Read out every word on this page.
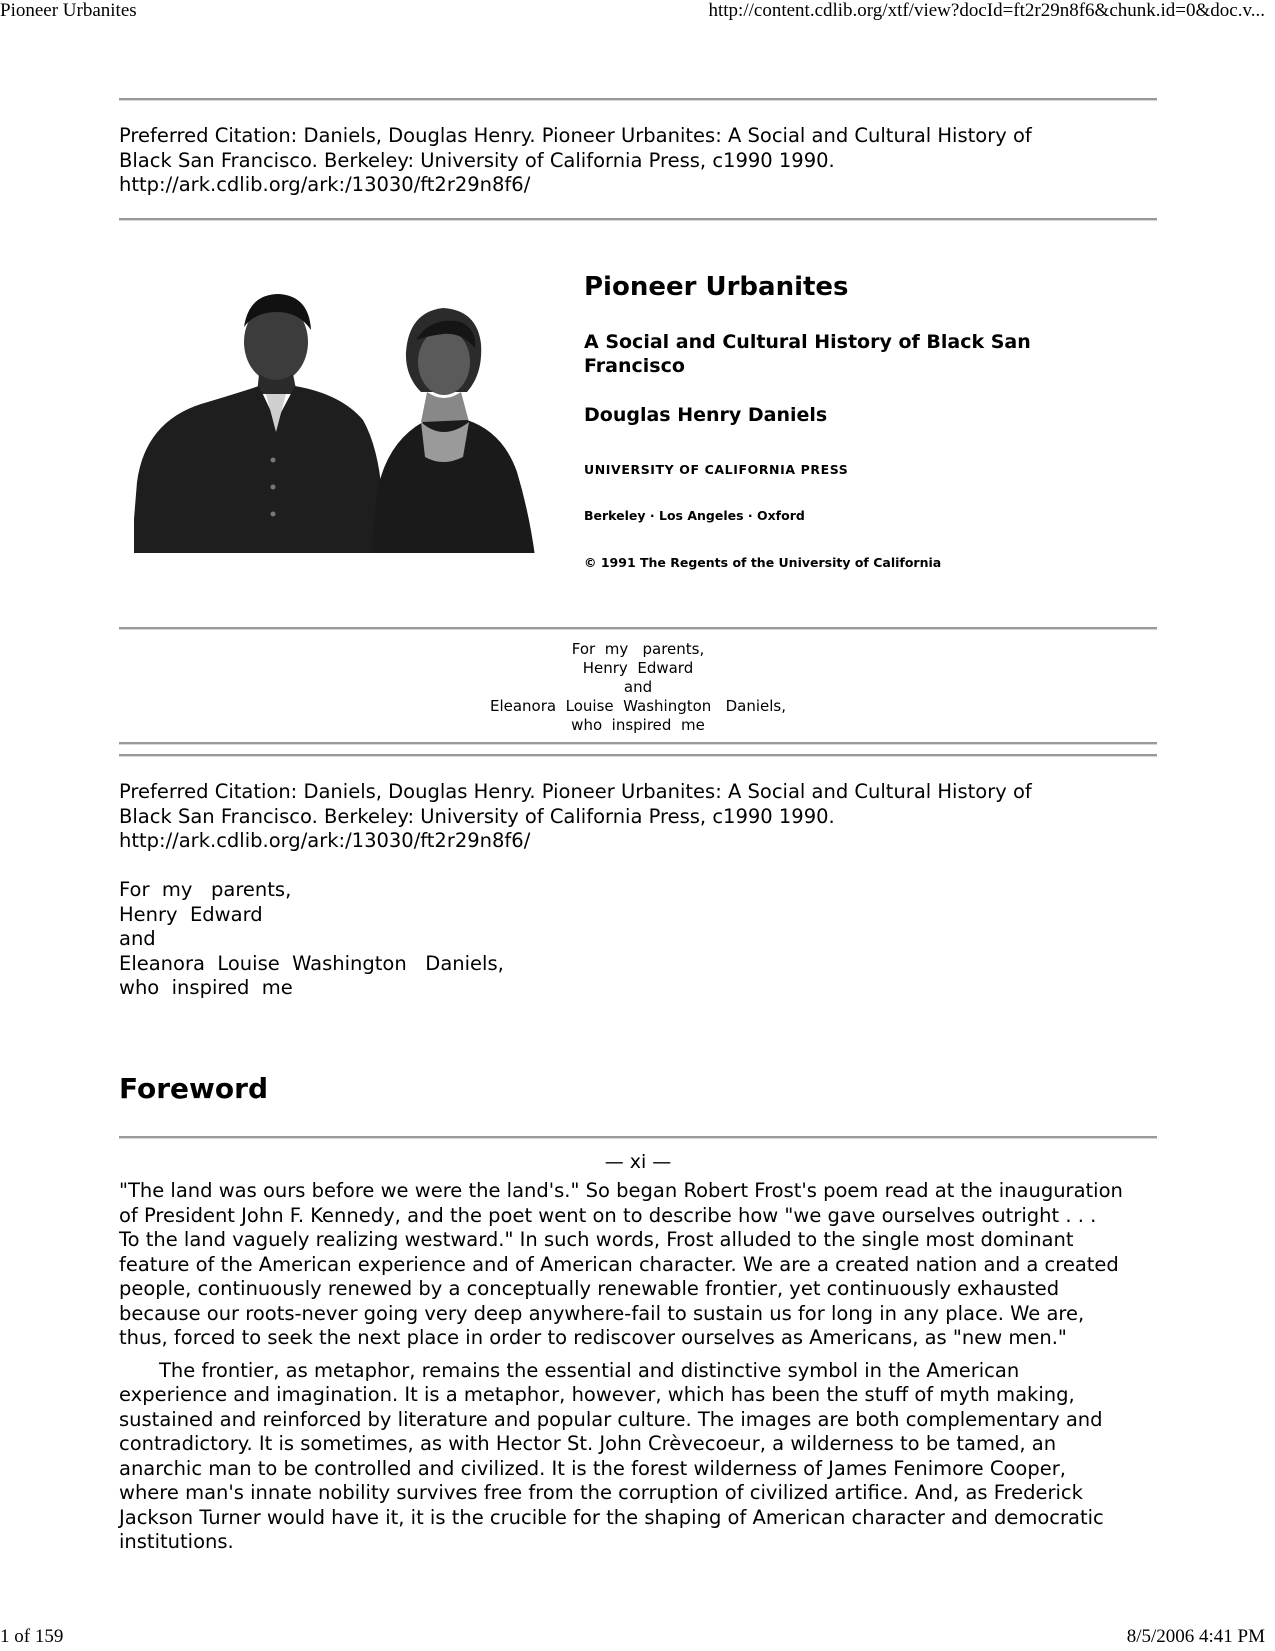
Pioneer Urbanites	http://content.cdlib.org/xtf/view?docId=ft2r29n8f6&chunk.id=0&doc.v...
Preferred Citation: Daniels, Douglas Henry. Pioneer Urbanites: A Social and Cultural History of
Black San Francisco. Berkeley: University of California Press, c1990 1990.
http://ark.cdlib.org/ark:/13030/ft2r29n8f6/
Pioneer Urbanites
A Social and Cultural History of Black San Francisco
Douglas Henry Daniels
UNIVERSITY OF CALIFORNIA PRESS
Berkeley · Los Angeles · Oxford
© 1991 The Regents of the University of California
For  my   parents,
Henry  Edward
and
Eleanora  Louise  Washington   Daniels,
who  inspired  me
Preferred Citation: Daniels, Douglas Henry. Pioneer Urbanites: A Social and Cultural History of
Black San Francisco. Berkeley: University of California Press, c1990 1990.
http://ark.cdlib.org/ark:/13030/ft2r29n8f6/
For  my   parents,
Henry  Edward
and
Eleanora  Louise  Washington   Daniels,
who  inspired  me
Foreword
— xi —
"The land was ours before we were the land's." So began Robert Frost's poem read at the inauguration
of President John F. Kennedy, and the poet went on to describe how "we gave ourselves outright . . .
To the land vaguely realizing westward." In such words, Frost alluded to the single most dominant
feature of the American experience and of American character. We are a created nation and a created
people, continuously renewed by a conceptually renewable frontier, yet continuously exhausted
because our roots-never going very deep anywhere-fail to sustain us for long in any place. We are,
thus, forced to seek the next place in order to rediscover ourselves as Americans, as "new men."
The frontier, as metaphor, remains the essential and distinctive symbol in the American
experience and imagination. It is a metaphor, however, which has been the stuff of myth making,
sustained and reinforced by literature and popular culture. The images are both complementary and
contradictory. It is sometimes, as with Hector St. John Crèvecoeur, a wilderness to be tamed, an
anarchic man to be controlled and civilized. It is the forest wilderness of James Fenimore Cooper,
where man's innate nobility survives free from the corruption of civilized artifice. And, as Frederick
Jackson Turner would have it, it is the crucible for the shaping of American character and democratic
institutions.
1 of 159	8/5/2006 4:41 PM
